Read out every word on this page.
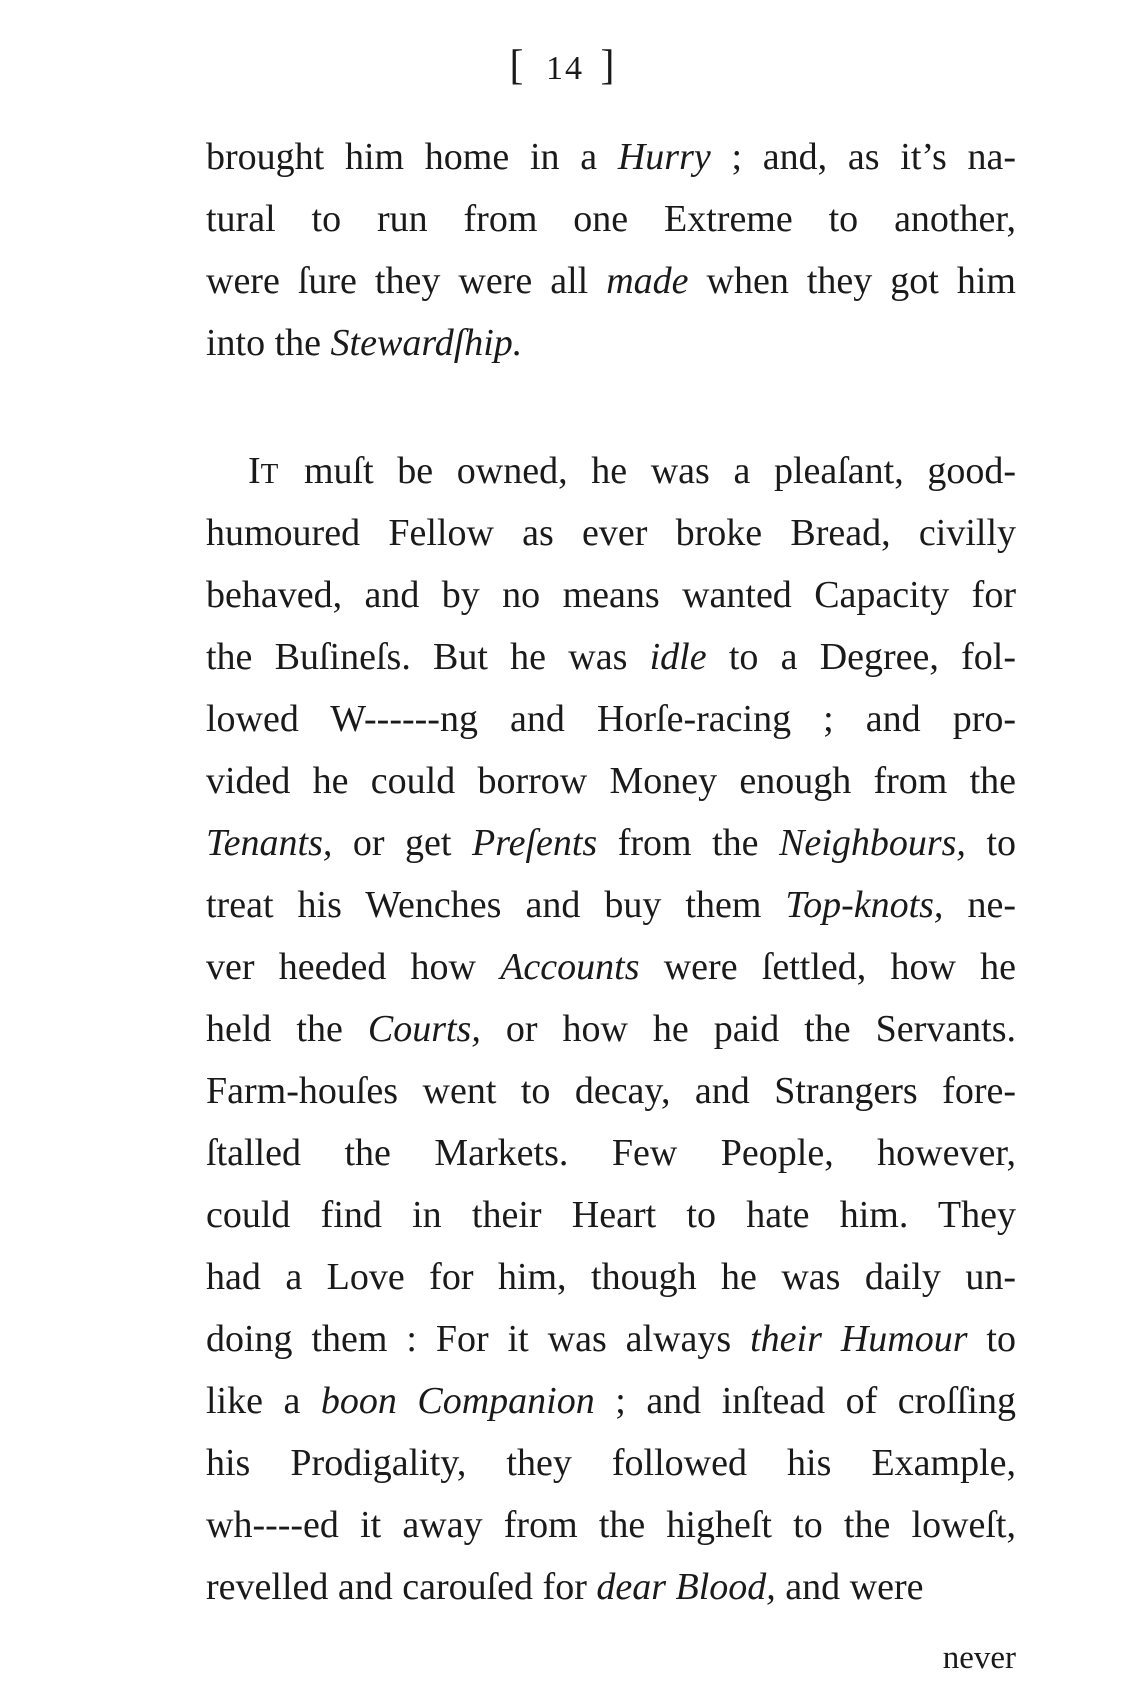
[ 14 ]
brought him home in a Hurry ; and, as it’s na-
tural to run from one Extreme to another,
were ſure they were all made when they got him
into the Stewardſhip.
IT muſt be owned, he was a pleaſant, good-
humoured Fellow as ever broke Bread, civilly
behaved, and by no means wanted Capacity for
the Buſineſs. But he was idle to a Degree, fol-
lowed W------ng and Horſe-racing ; and pro-
vided he could borrow Money enough from the
Tenants, or get Preſents from the Neighbours, to
treat his Wenches and buy them Top-knots, ne-
ver heeded how Accounts were ſettled, how he
held the Courts, or how he paid the Servants.
Farm-houſes went to decay, and Strangers fore-
ſtalled the Markets. Few People, however,
could find in their Heart to hate him. They
had a Love for him, though he was daily un-
doing them : For it was always their Humour to
like a boon Companion ; and inſtead of croſſing
his Prodigality, they followed his Example,
wh----ed it away from the higheſt to the loweſt,
revelled and carouſed for dear Blood, and were
never
